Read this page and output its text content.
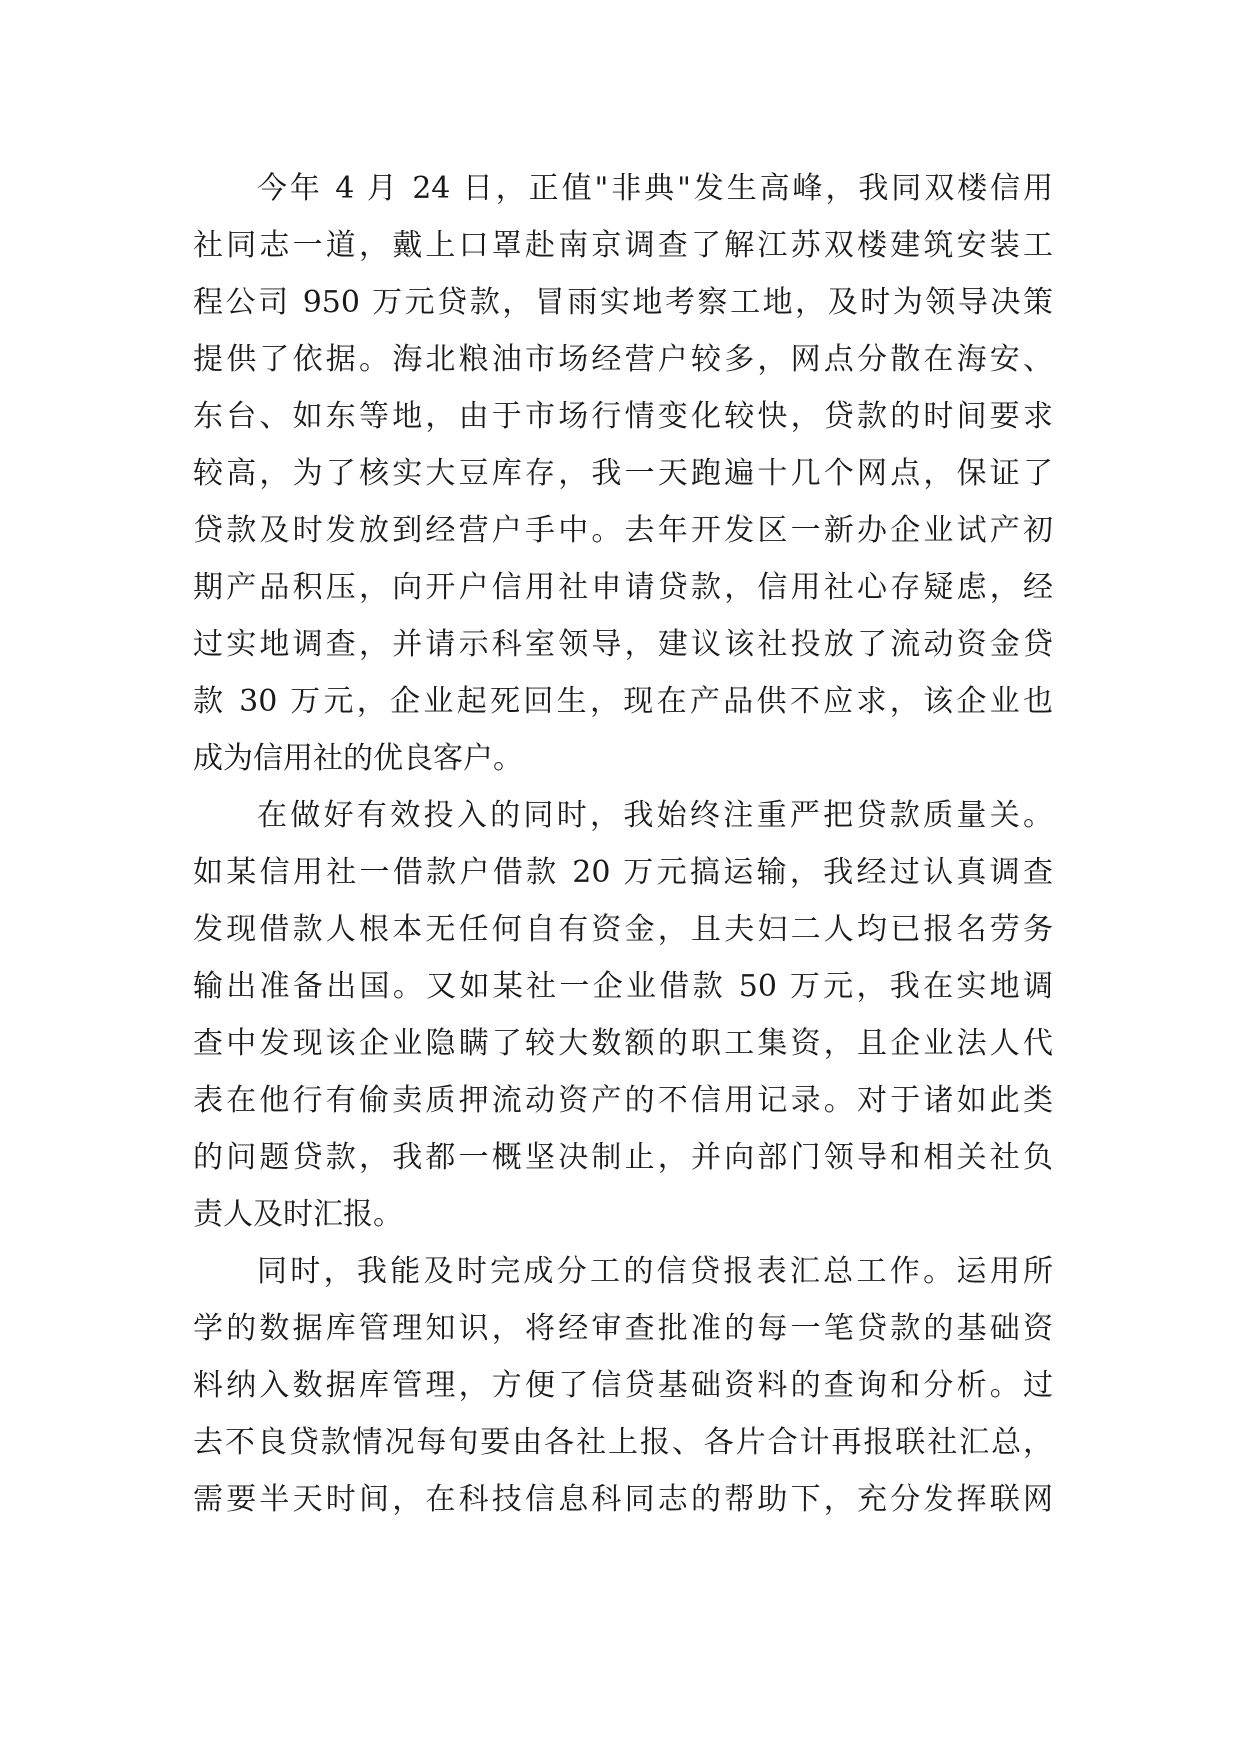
今年 4 月 24 日，正值"非典"发生高峰，我同双楼信用
社同志一道，戴上口罩赴南京调查了解江苏双楼建筑安装工
程公司 950 万元贷款，冒雨实地考察工地，及时为领导决策
提供了依据。海北粮油市场经营户较多，网点分散在海安、
东台、如东等地，由于市场行情变化较快，贷款的时间要求
较高，为了核实大豆库存，我一天跑遍十几个网点，保证了
贷款及时发放到经营户手中。去年开发区一新办企业试产初
期产品积压，向开户信用社申请贷款，信用社心存疑虑，经
过实地调查，并请示科室领导，建议该社投放了流动资金贷
款 30 万元，企业起死回生，现在产品供不应求，该企业也
成为信用社的优良客户。
在做好有效投入的同时，我始终注重严把贷款质量关。
如某信用社一借款户借款 20 万元搞运输，我经过认真调查
发现借款人根本无任何自有资金，且夫妇二人均已报名劳务
输出准备出国。又如某社一企业借款 50 万元，我在实地调
查中发现该企业隐瞒了较大数额的职工集资，且企业法人代
表在他行有偷卖质押流动资产的不信用记录。对于诸如此类
的问题贷款，我都一概坚决制止，并向部门领导和相关社负
责人及时汇报。
同时，我能及时完成分工的信贷报表汇总工作。运用所
学的数据库管理知识，将经审查批准的每一笔贷款的基础资
料纳入数据库管理，方便了信贷基础资料的查询和分析。过
去不良贷款情况每旬要由各社上报、各片合计再报联社汇总，
需要半天时间，在科技信息科同志的帮助下，充分发挥联网
